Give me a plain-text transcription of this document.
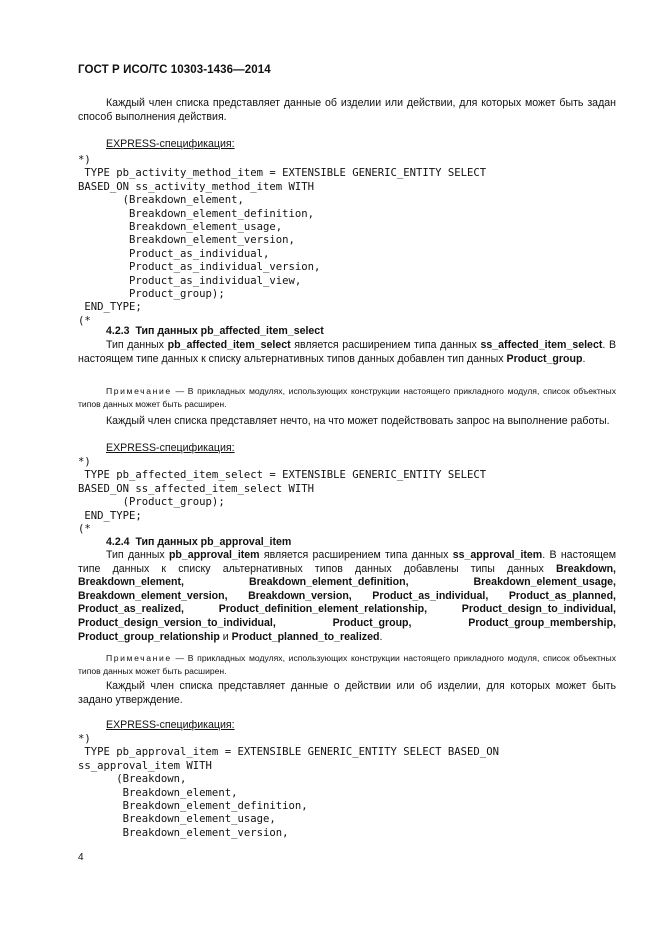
ГОСТ Р ИСО/ТС 10303-1436—2014

Каждый член списка представляет данные об изделии или действии, для которых может быть задан способ выполнения действия.

EXPRESS-спецификация:
*)
TYPE pb_activity_method_item = EXTENSIBLE GENERIC_ENTITY SELECT
BASED_ON ss_activity_method_item WITH
(Breakdown_element,
Breakdown_element_definition,
Breakdown_element_usage,
Breakdown_element_version,
Product_as_individual,
Product_as_individual_version,
Product_as_individual_view,
Product_group);
END_TYPE;
(*
4.2.3 Тип данных pb_affected_item_select

Тип данных pb_affected_item_select является расширением типа данных ss_affected_item_select. В настоящем типе данных к списку альтернативных типов данных добавлен тип данных Product_group.

Примечание — В прикладных модулях, использующих конструкции настоящего прикладного модуля, список объектных типов данных может быть расширен.

Каждый член списка представляет нечто, на что может подействовать запрос на выполнение работы.

EXPRESS-спецификация:
*)
TYPE pb_affected_item_select = EXTENSIBLE GENERIC_ENTITY SELECT
BASED_ON ss_affected_item_select WITH
(Product_group);
END_TYPE;
(*
4.2.4 Тип данных pb_approval_item

Тип данных pb_approval_item является расширением типа данных ss_approval_item. В настоящем типе данных к списку альтернативных типов данных добавлены типы данных Breakdown, Breakdown_element, Breakdown_element_definition, Breakdown_element_usage, Breakdown_element_version, Breakdown_version, Product_as_individual, Product_as_planned, Product_as_realized, Product_definition_element_relationship, Product_design_to_individual, Product_design_version_to_individual, Product_group, Product_group_membership, Product_group_relationship и Product_planned_to_realized.

Примечание — В прикладных модулях, использующих конструкции настоящего прикладного модуля, список объектных типов данных может быть расширен.

Каждый член списка представляет данные о действии или об изделии, для которых может быть задано утверждение.

EXPRESS-спецификация:
*)
TYPE pb_approval_item = EXTENSIBLE GENERIC_ENTITY SELECT BASED_ON
ss_approval_item WITH
(Breakdown,
Breakdown_element,
Breakdown_element_definition,
Breakdown_element_usage,
Breakdown_element_version,
4
